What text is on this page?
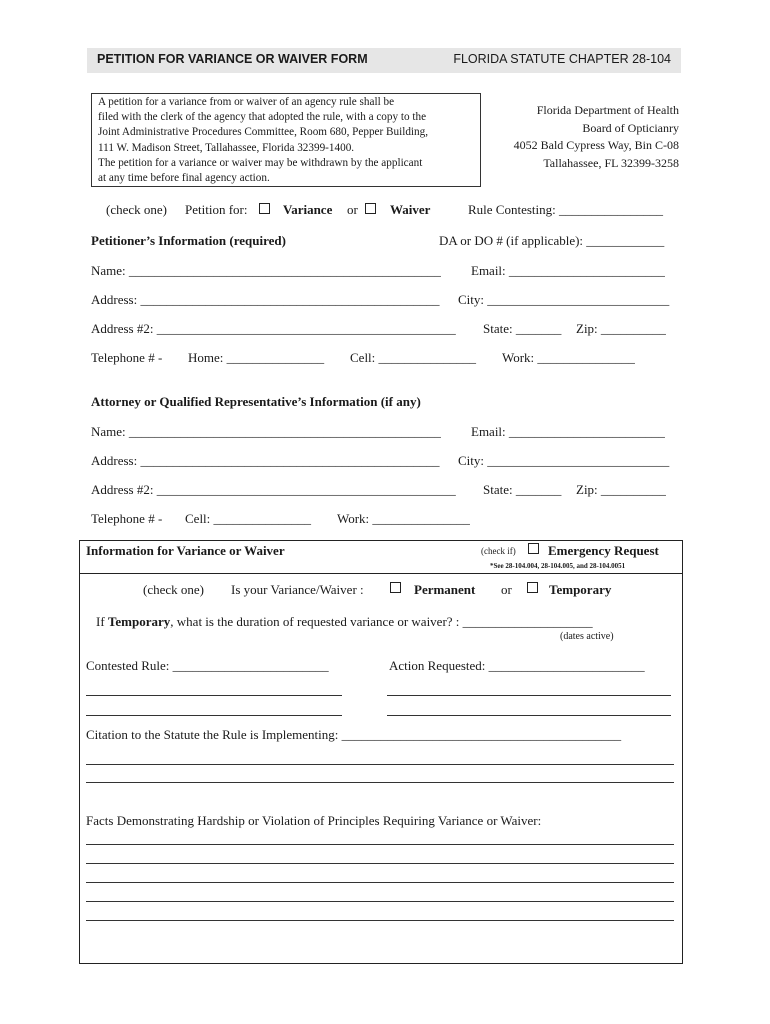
PETITION FOR VARIANCE OR WAIVER FORM	FLORIDA STATUTE CHAPTER 28-104
A petition for a variance from or waiver of an agency rule shall be
filed with the clerk of the agency that adopted the rule, with a copy to the
Joint Administrative Procedures Committee, Room 680, Pepper Building,
111 W. Madison Street, Tallahassee, Florida 32399-1400.
The petition for a variance or waiver may be withdrawn by the applicant
at any time before final agency action.
Florida Department of Health
Board of Opticianry
4052 Bald Cypress Way, Bin C-08
Tallahassee, FL 32399-3258
(check one) Petition for:	Variance or Waiver	Rule Contesting: ________________
Petitioner’s Information (required)	DA or DO # (if applicable): ____________
Name: ________________________________________________ Email: ________________________
Address: ______________________________________________ City: ____________________________
Address #2: ______________________________________________ State: _______ Zip: __________
Telephone # - Home: _______________ Cell: _______________ Work: _______________
Attorney or Qualified Representative’s Information (if any)
Name: ________________________________________________ Email: ________________________
Address: ______________________________________________ City: ____________________________
Address #2: ______________________________________________ State: _______ Zip: __________
Telephone # - Cell: _______________ Work: _______________
Information for Variance or Waiver	(check if) Emergency Request
*See 28-104.004, 28-104.005, and 28-104.0051
(check one) Is your Variance/Waiver :	Permanent or	Temporary
If Temporary, what is the duration of requested variance or waiver? : ____________________
(dates active)
Contested Rule: ________________________	Action Requested: ________________________
Citation to the Statute the Rule is Implementing: ___________________________________________
Facts Demonstrating Hardship or Violation of Principles Requiring Variance or Waiver:
